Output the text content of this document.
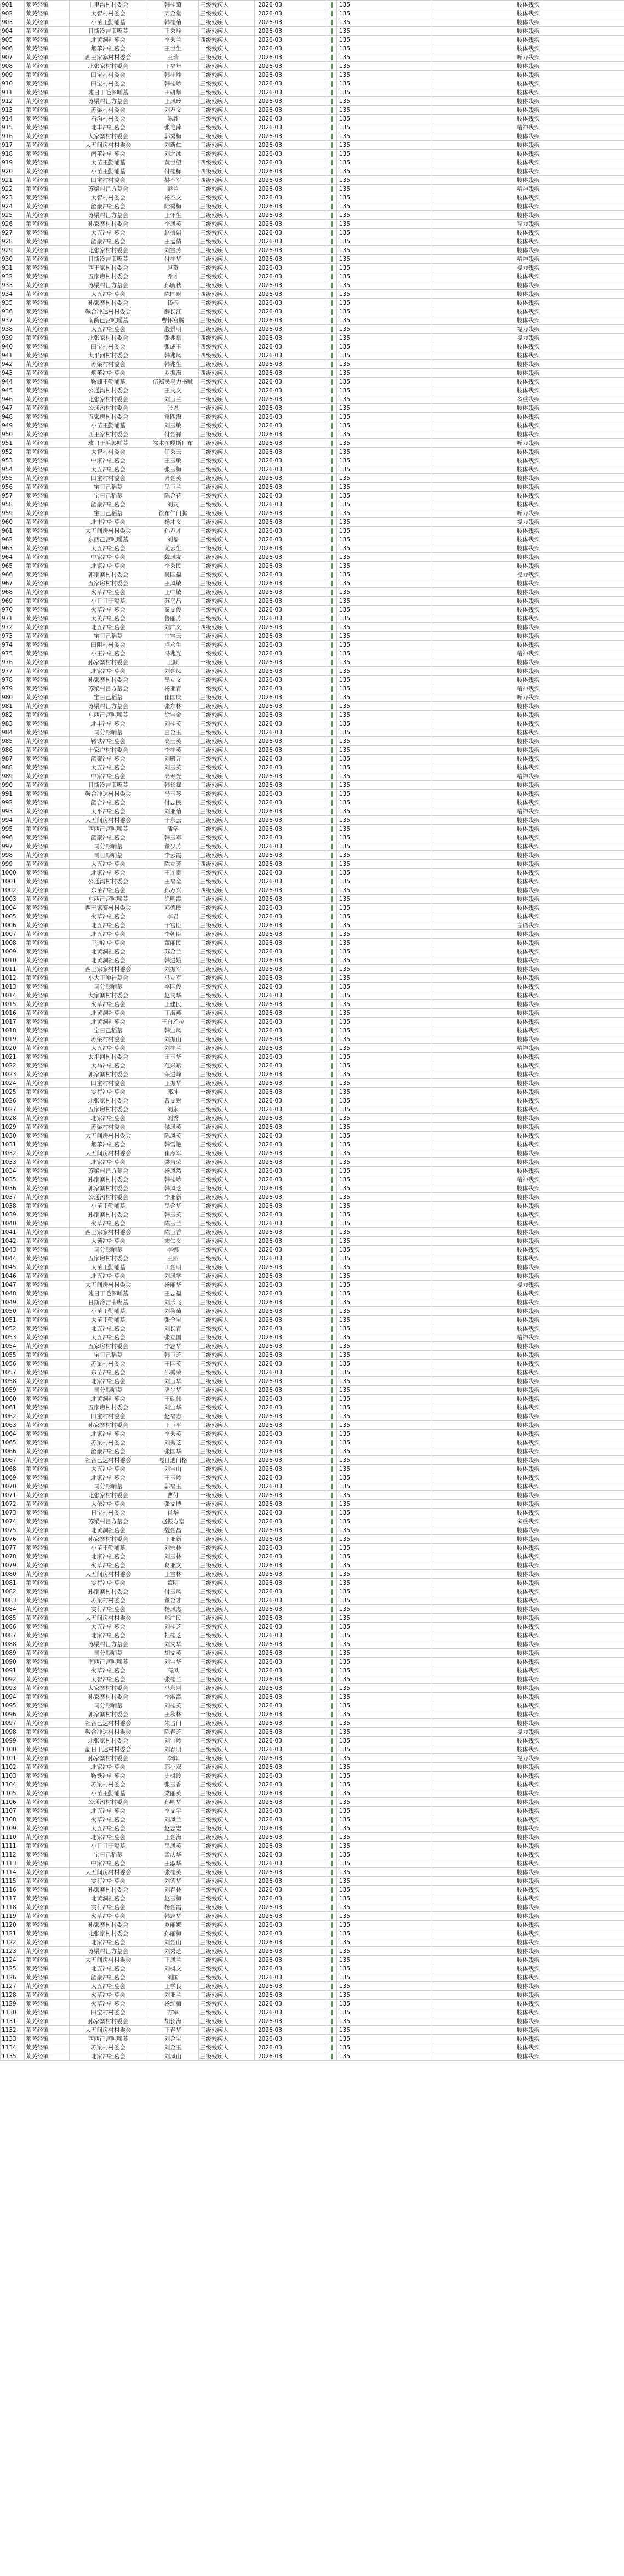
901	莱芜经镇	十里沟村村委会	韩桂菊	三级残疾人	2026-03		135	肢体残疾
902	莱芜经镇	大智村村委会	周金堂	三级残疾人	2026-03		135	肢体残疾
903	莱芜经镇	小苗王勤哺墓	韩桂菊	三级残疾人	2026-03		135	肢体残疾
904	莱芜经镇	日斯冷吉韦嘴墓	王秀珍	三级残疾人	2026-03		135	肢体残疾
905	莱芜经镇	北黄洞社墓会	李秀兰	四级残疾人	2026-03		135	肢体残疾
906	莱芜经镇	烟苯冲社墓会	王世生	一级残疾人	2026-03		135	肢体残疾
907	莱芜经镇	西王家寨村村委会	王瑞	三级残疾人	2026-03		135	听力残疾
908	莱芜经镇	北张家村村委会	王福年	三级残疾人	2026-03		135	肢体残疾
909	莱芜经镇	田宝村村委会	韩桂珍	三级残疾人	2026-03		135	肢体残疾
910	莱芜经镇	田宝村村委会	韩桂珍	三级残疾人	2026-03		135	肢体残疾
911	莱芜经镇	璩日于毛彰哺墓	田研攀	三级残疾人	2026-03		135	肢体残疾
912	莱芜经镇	苏梁村吕方墓会	王凤玲	三级残疾人	2026-03		135	肢体残疾
913	莱芜经镇	苏梁村村委会	刘万文	三级残疾人	2026-03		135	肢体残疾
914	莱芜经镇	石沟村村委会	陈鑫	三级残疾人	2026-03		135	肢体残疾
915	莱芜经镇	北丰冲社墓会	张艳萍	三级残疾人	2026-03		135	精神残疾
916	莱芜经镇	大家寨村村委会	郭秀梅	三级残疾人	2026-03		135	肢体残疾
917	莱芜经镇	大五间房村村委会	刘新仁	三级残疾人	2026-03		135	肢体残疾
918	莱芜经镇	南苯冲社墓会	刘之冰	三级残疾人	2026-03		135	肢体残疾
919	莱芜经镇	大苗王勤哺墓	黄世望	四级残疾人	2026-03		135	肢体残疾
920	莱芜经镇	小苗王勤哺墓	付桂标	四级残疾人	2026-03		135	肢体残疾
921	莱芜经镇	田宝村村委会	赫丕军	四级残疾人	2026-03		135	肢体残疾
922	莱芜经镇	苏梁村吕方墓会	彭兰	三级残疾人	2026-03		135	精神残疾
923	莱芜经镇	大智村村委会	杨丕文	三级残疾人	2026-03		135	肢体残疾
924	莱芜经镇	韶聚冲社墓会	陆秀梅	三级残疾人	2026-03		135	肢体残疾
925	莱芜经镇	苏梁村吕方墓会	王怀生	三级残疾人	2026-03		135	肢体残疾
926	莱芜经镇	孙家寨村村委会	李凤英	三级残疾人	2026-03		135	智力残疾
927	莱芜经镇	大五冲社墓会	赵梅娟	三级残疾人	2026-03		135	肢体残疾
928	莱芜经镇	韶聚冲社墓会	王孟倩	三级残疾人	2026-03		135	肢体残疾
929	莱芜经镇	北张家村村委会	刘宝芳	三级残疾人	2026-03		135	肢体残疾
930	莱芜经镇	日斯冷吉韦嘴墓	付桂华	三级残疾人	2026-03		135	精神残疾
931	莱芜经镇	西王家村村委会	赵贺	三级残疾人	2026-03		135	视力残疾
932	莱芜经镇	五家房村村委会	乔才	三级残疾人	2026-03		135	肢体残疾
933	莱芜经镇	苏梁村吕方墓会	孙毓秋	三级残疾人	2026-03		135	肢体残疾
934	莱芜经镇	大五冲社墓会	陈国财	四级残疾人	2026-03		135	肢体残疾
935	莱芜经镇	孙家寨村村委会	杨振	三级残疾人	2026-03		135	肢体残疾
936	莱芜经镇	鞍合冲达村村委会	薛长江	三级残疾人	2026-03		135	肢体残疾
937	莱芜经镇	南酶己宫吨嚼墓	曹怀宫腾	三级残疾人	2026-03		135	肢体残疾
938	莱芜经镇	大五冲社墓会	殷景明	三级残疾人	2026-03		135	视力残疾
939	莱芜经镇	北张家村村委会	张兆泉	四级残疾人	2026-03		135	视力残疾
940	莱芜经镇	田宝村村委会	张成玉	四级残疾人	2026-03		135	肢体残疾
941	莱芜经镇	太平河村村委会	韩兆凤	四级残疾人	2026-03		135	肢体残疾
942	莱芜经镇	苏梁村村委会	韩兆生	三级残疾人	2026-03		135	肢体残疾
943	莱芜经镇	烟苯冲社墓会	罗振海	四级残疾人	2026-03		135	肢体残疾
944	莱芜经镇	鞍卸王勤哺墓	伍郑民乌力书喊	三级残疾人	2026-03		135	肢体残疾
945	莱芜经镇	公通沟村村委会	王文义	三级残疾人	2026-03		135	肢体残疾
946	莱芜经镇	北张家村村委会	刘玉兰	一级残疾人	2026-03		135	多重残疾
947	莱芜经镇	公通沟村村委会	张恩	一级残疾人	2026-03		135	肢体残疾
948	莱芜经镇	五家房村村委会	常四海	三级残疾人	2026-03		135	肢体残疾
949	莱芜经镇	小苗王勤哺墓	刘玉敏	三级残疾人	2026-03		135	肢体残疾
950	莱芜经镇	西王家村村委会	付金禄	三级残疾人	2026-03		135	肢体残疾
951	莱芜经镇	璩日于毛彰哺墓	祁木图嗄斯日布	三级残疾人	2026-03		135	听力残疾
952	莱芜经镇	大智村村委会	任秀云	三级残疾人	2026-03		135	肢体残疾
953	莱芜经镇	中家冲社墓会	王玉敏	三级残疾人	2026-03		135	肢体残疾
954	莱芜经镇	大五冲社墓会	张玉梅	三级残疾人	2026-03		135	肢体残疾
955	莱芜经镇	田宝村村委会	齐金英	三级残疾人	2026-03		135	肢体残疾
956	莱芜经镇	宝日己稻墓	吴玉兰	三级残疾人	2026-03		135	肢体残疾
957	莱芜经镇	宝日己稻墓	陈金花	三级残疾人	2026-03		135	肢体残疾
958	莱芜经镇	韶聚冲社墓会	刘友	三级残疾人	2026-03		135	肢体残疾
959	莱芜经镇	宝日己稻墓	徐布仁门腾	三级残疾人	2026-03		135	听力残疾
960	莱芜经镇	北丰冲社墓会	杨才义	三级残疾人	2026-03		135	视力残疾
961	莱芜经镇	大五间房村村委会	孙万才	三级残疾人	2026-03		135	肢体残疾
962	莱芜经镇	东西己宫吨嚼墓	刘福	三级残疾人	2026-03		135	肢体残疾
963	莱芜经镇	大五冲社墓会	尤云生	一级残疾人	2026-03		135	肢体残疾
964	莱芜经镇	中家冲社墓会	魏凤友	三级残疾人	2026-03		135	肢体残疾
965	莱芜经镇	北家冲社墓会	李秀民	三级残疾人	2026-03		135	肢体残疾
966	莱芜经镇	郭家寨村村委会	吴国福	三级残疾人	2026-03		135	视力残疾
967	莱芜经镇	五家房村村委会	王风敏	三级残疾人	2026-03		135	肢体残疾
968	莱芜经镇	火草冲社墓会	王中敏	三级残疾人	2026-03		135	肢体残疾
969	莱芜经镇	小日日于嗝墓	苏乌昌	三级残疾人	2026-03		135	肢体残疾
970	莱芜经镇	火草冲社墓会	秦文俊	三级残疾人	2026-03		135	肢体残疾
971	莱芜经镇	大英冲社墓会	鲁丽芳	三级残疾人	2026-03		135	肢体残疾
972	莱芜经镇	北五冲社墓会	刘广义	四级残疾人	2026-03		135	肢体残疾
973	莱芜经镇	宝日己稻墓	白宝云	三级残疾人	2026-03		135	肢体残疾
974	莱芜经镇	田阻村村委会	卢永生	三级残疾人	2026-03		135	肢体残疾
975	莱芜经镇	小王冲社墓会	冯兆光	一级残疾人	2026-03		135	精神残疾
976	莱芜经镇	孙家寨村村委会	王顺	一级残疾人	2026-03		135	肢体残疾
977	莱芜经镇	北家冲社墓会	刘金凤	三级残疾人	2026-03		135	肢体残疾
978	莱芜经镇	孙家寨村村委会	吴立文	三级残疾人	2026-03		135	肢体残疾
979	莱芜经镇	苏梁村吕方墓会	杨亚青	一级残疾人	2026-03		135	精神残疾
980	莱芜经镇	宝日己稻墓	崔国庆	三级残疾人	2026-03		135	听力残疾
981	莱芜经镇	苏梁村吕方墓会	张东林	三级残疾人	2026-03		135	肢体残疾
982	莱芜经镇	东西己宫吨嚼墓	徐宝金	三级残疾人	2026-03		135	肢体残疾
983	莱芜经镇	北丰冲社墓会	刘桂英	三级残疾人	2026-03		135	肢体残疾
984	莱芜经镇	司分彰哺墓	白金玉	三级残疾人	2026-03		135	肢体残疾
985	莱芜经镇	鞍铁冲社墓会	高士英	三级残疾人	2026-03		135	肢体残疾
986	莱芜经镇	十家户村村委会	李桂英	三级残疾人	2026-03		135	肢体残疾
987	莱芜经镇	韶聚冲社墓会	刘殿元	三级残疾人	2026-03		135	肢体残疾
988	莱芜经镇	大五冲社墓会	刘玉英	三级残疾人	2026-03		135	肢体残疾
989	莱芜经镇	中家冲社墓会	高寿光	三级残疾人	2026-03		135	精神残疾
990	莱芜经镇	日斯冷吉韦嘴墓	韩长禄	三级残疾人	2026-03		135	肢体残疾
991	莱芜经镇	鞍合冲达村村委会	马玉琴	三级残疾人	2026-03		135	肢体残疾
992	莱芜经镇	韶合冲社墓会	付志民	三级残疾人	2026-03		135	肢体残疾
993	莱芜经镇	大平冲社墓会	刘亚菊	三级残疾人	2026-03		135	精神残疾
994	莱芜经镇	大五间房村村委会	于永云	三级残疾人	2026-03		135	肢体残疾
995	莱芜经镇	西西己宫吨嚼墓	潘学	三级残疾人	2026-03		135	肢体残疾
996	莱芜经镇	韶聚冲社墓会	韩玉军	三级残疾人	2026-03		135	肢体残疾
997	莱芜经镇	司分彰哺墓	董少芳	三级残疾人	2026-03		135	肢体残疾
998	莱芜经镇	司日彰哺墓	李云霞	三级残疾人	2026-03		135	肢体残疾
999	莱芜经镇	大五冲社墓会	陈立芳	四级残疾人	2026-03		135	肢体残疾
1000	莱芜经镇	北家冲社墓会	王连贵	三级残疾人	2026-03		135	肢体残疾
1001	莱芜经镇	公通沟村村委会	王福全	三级残疾人	2026-03		135	肢体残疾
1002	莱芜经镇	东苗冲社墓会	孙万兴	四级残疾人	2026-03		135	肢体残疾
1003	莱芜经镇	东西己宫吨嚼墓	徐明霞	三级残疾人	2026-03		135	肢体残疾
1004	莱芜经镇	西王家寨村村委会	邓德民	三级残疾人	2026-03		135	肢体残疾
1005	莱芜经镇	火草冲社墓会	李君	三级残疾人	2026-03		135	肢体残疾
1006	莱芜经镇	北五冲社墓会	于富臣	三级残疾人	2026-03		135	言语残疾
1007	莱芜经镇	北五冲社墓会	李朝臣	三级残疾人	2026-03		135	肢体残疾
1008	莱芜经镇	王通冲社墓会	董丽民	三级残疾人	2026-03		135	肢体残疾
1009	莱芜经镇	北黄洞社墓会	苏金兰	三级残疾人	2026-03		135	肢体残疾
1010	莱芜经镇	北黄洞社墓会	韩进娥	三级残疾人	2026-03		135	肢体残疾
1011	莱芜经镇	西王家寨村村委会	刘振军	三级残疾人	2026-03		135	肢体残疾
1012	莱芜经镇	小大王冲社墓会	冯立军	三级残疾人	2026-03		135	肢体残疾
1013	莱芜经镇	司分彰哺墓	李国俊	三级残疾人	2026-03		135	肢体残疾
1014	莱芜经镇	大家寨村村委会	赵文华	三级残疾人	2026-03		135	肢体残疾
1015	莱芜经镇	火草冲社墓会	王建民	三级残疾人	2026-03		135	肢体残疾
1016	莱芜经镇	北黄洞社墓会	丁海燕	三级残疾人	2026-03		135	肢体残疾
1017	莱芜经镇	北黄洞社墓会	王白乙拉	三级残疾人	2026-03		135	肢体残疾
1018	莱芜经镇	宝日己稻墓	韩宝凤	三级残疾人	2026-03		135	肢体残疾
1019	莱芜经镇	苏梁村村委会	刘振山	三级残疾人	2026-03		135	肢体残疾
1020	莱芜经镇	大五冲社墓会	刘桂兰	三级残疾人	2026-03		135	精神残疾
1021	莱芜经镇	太平河村村委会	田玉华	三级残疾人	2026-03		135	肢体残疾
1022	莱芜经镇	大马冲社墓会	范兴斌	三级残疾人	2026-03		135	肢体残疾
1023	莱芜经镇	郭家寨村村委会	荣进峰	三级残疾人	2026-03		135	肢体残疾
1024	莱芜经镇	田宝村村委会	王振华	三级残疾人	2026-03		135	肢体残疾
1025	莱芜经镇	实行冲社墓会	郭坤	一级残疾人	2026-03		135	肢体残疾
1026	莱芜经镇	北张家村村委会	曹文财	三级残疾人	2026-03		135	肢体残疾
1027	莱芜经镇	五家房村村委会	刘永	三级残疾人	2026-03		135	肢体残疾
1028	莱芜经镇	北家冲社墓会	刘秀	三级残疾人	2026-03		135	肢体残疾
1029	莱芜经镇	苏梁村村委会	侯凤英	三级残疾人	2026-03		135	肢体残疾
1030	莱芜经镇	大五间房村村委会	陈凤英	三级残疾人	2026-03		135	肢体残疾
1031	莱芜经镇	烟苯冲社墓会	韩雪艳	三级残疾人	2026-03		135	肢体残疾
1032	莱芜经镇	大五间房村村委会	崔彦军	三级残疾人	2026-03		135	肢体残疾
1033	莱芜经镇	北家冲社墓会	梁吉荣	三级残疾人	2026-03		135	肢体残疾
1034	莱芜经镇	苏梁村吕方墓会	杨凤然	三级残疾人	2026-03		135	肢体残疾
1035	莱芜经镇	孙家寨村村委会	韩桂珍	三级残疾人	2026-03		135	精神残疾
1036	莱芜经镇	郭家寨村村委会	韩风芝	三级残疾人	2026-03		135	肢体残疾
1037	莱芜经镇	公通沟村村委会	李亚新	三级残疾人	2026-03		135	肢体残疾
1038	莱芜经镇	小苗王勤哺墓	吴金华	三级残疾人	2026-03		135	肢体残疾
1039	莱芜经镇	孙家寨村村委会	韩玉英	三级残疾人	2026-03		135	肢体残疾
1040	莱芜经镇	火草冲社墓会	陈玉兰	三级残疾人	2026-03		135	肢体残疾
1041	莱芜经镇	西王家寨村村委会	陈玉香	三级残疾人	2026-03		135	肢体残疾
1042	莱芜经镇	大领冲社墓会	宋仁义	三级残疾人	2026-03		135	肢体残疾
1043	莱芜经镇	司分彰哺墓	李娜	三级残疾人	2026-03		135	肢体残疾
1044	莱芜经镇	五家房村村委会	王丽	三级残疾人	2026-03		135	肢体残疾
1045	莱芜经镇	大苗王勤哺墓	田金明	三级残疾人	2026-03		135	肢体残疾
1046	莱芜经镇	北五冲社墓会	刘凤学	三级残疾人	2026-03		135	肢体残疾
1047	莱芜经镇	大五间房村村委会	杨丽华	三级残疾人	2026-03		135	视力残疾
1048	莱芜经镇	璩日于毛彰哺墓	王志福	三级残疾人	2026-03		135	肢体残疾
1049	莱芜经镇	日斯冷吉韦嘴墓	刘乐飞	三级残疾人	2026-03		135	肢体残疾
1050	莱芜经镇	小苗王勤哺墓	刘秋菊	三级残疾人	2026-03		135	肢体残疾
1051	莱芜经镇	大苗王勤哺墓	张全宝	三级残疾人	2026-03		135	肢体残疾
1052	莱芜经镇	北五冲社墓会	刘长青	三级残疾人	2026-03		135	肢体残疾
1053	莱芜经镇	大五冲社墓会	张立国	三级残疾人	2026-03		135	精神残疾
1054	莱芜经镇	五家房村村委会	李志华	三级残疾人	2026-03		135	肢体残疾
1055	莱芜经镇	宝日己稻墓	韩玉芝	三级残疾人	2026-03		135	肢体残疾
1056	莱芜经镇	苏梁村村委会	王国英	三级残疾人	2026-03		135	肢体残疾
1057	莱芜经镇	东苗冲社墓会	邵秀荣	三级残疾人	2026-03		135	肢体残疾
1058	莱芜经镇	北家冲社墓会	刘玉华	三级残疾人	2026-03		135	肢体残疾
1059	莱芜经镇	司分彰哺墓	潘少华	三级残疾人	2026-03		135	肢体残疾
1060	莱芜经镇	北黄洞社墓会	王砚伟	三级残疾人	2026-03		135	肢体残疾
1061	莱芜经镇	五家房村村委会	刘宝华	三级残疾人	2026-03		135	肢体残疾
1062	莱芜经镇	田宝村村委会	赵福志	三级残疾人	2026-03		135	肢体残疾
1063	莱芜经镇	孙家寨村村委会	王玉平	三级残疾人	2026-03		135	肢体残疾
1064	莱芜经镇	北家冲社墓会	李秀英	三级残疾人	2026-03		135	肢体残疾
1065	莱芜经镇	苏梁村村委会	刘秀芝	三级残疾人	2026-03		135	肢体残疾
1066	莱芜经镇	韶聚冲社墓会	张国华	三级残疾人	2026-03		135	肢体残疾
1067	莱芜经镇	社合己达村村委会	嘎日迪门格	三级残疾人	2026-03		135	肢体残疾
1068	莱芜经镇	大五冲社墓会	刘宝山	三级残疾人	2026-03		135	肢体残疾
1069	莱芜经镇	北家冲社墓会	王玉珍	三级残疾人	2026-03		135	肢体残疾
1070	莱芜经镇	司分彰哺墓	郭福玉	三级残疾人	2026-03		135	肢体残疾
1071	莱芜经镇	北张家村村委会	曹付	一级残疾人	2026-03		135	肢体残疾
1072	莱芜经镇	大依冲社墓会	张文博	一级残疾人	2026-03		135	肢体残疾
1073	莱芜经镇	日宝村村委会	崔华	三级残疾人	2026-03		135	肢体残疾
1074	莱芜经镇	苏梁村吕方墓会	赵振方塞	三级残疾人	2026-03		135	多重残疾
1075	莱芜经镇	北黄洞社墓会	魏金昌	三级残疾人	2026-03		135	肢体残疾
1076	莱芜经镇	孙家寨村村委会	王亚新	三级残疾人	2026-03		135	肢体残疾
1077	莱芜经镇	小苗王勤哺墓	刘宗林	三级残疾人	2026-03		135	肢体残疾
1078	莱芜经镇	北家冲社墓会	刘玉林	三级残疾人	2026-03		135	肢体残疾
1079	莱芜经镇	火草冲社墓会	葛亚文	三级残疾人	2026-03		135	肢体残疾
1080	莱芜经镇	大五间房村村委会	王宝林	三级残疾人	2026-03		135	肢体残疾
1081	莱芜经镇	实行冲社墓会	董明	三级残疾人	2026-03		135	肢体残疾
1082	莱芜经镇	孙家寨村村委会	付玉凤	三级残疾人	2026-03		135	肢体残疾
1083	莱芜经镇	苏梁村村委会	董金才	三级残疾人	2026-03		135	肢体残疾
1084	莱芜经镇	实行冲社墓会	杨凤杰	三级残疾人	2026-03		135	肢体残疾
1085	莱芜经镇	大五间房村村委会	郑广民	三级残疾人	2026-03		135	肢体残疾
1086	莱芜经镇	大五冲社墓会	刘桂芝	三级残疾人	2026-03		135	肢体残疾
1087	莱芜经镇	北家冲社墓会	杜桂芝	三级残疾人	2026-03		135	肢体残疾
1088	莱芜经镇	苏梁村吕方墓会	刘文华	三级残疾人	2026-03		135	肢体残疾
1089	莱芜经镇	司分彰哺墓	胡文英	三级残疾人	2026-03		135	肢体残疾
1090	莱芜经镇	南西己宫吨嚼墓	刘宝华	三级残疾人	2026-03		135	肢体残疾
1091	莱芜经镇	火草冲社墓会	高凤	三级残疾人	2026-03		135	肢体残疾
1092	莱芜经镇	大智冲社墓会	张桂兰	三级残疾人	2026-03		135	肢体残疾
1093	莱芜经镇	大家寨村村委会	冯永刚	三级残疾人	2026-03		135	肢体残疾
1094	莱芜经镇	孙家寨村村委会	李淑霞	三级残疾人	2026-03		135	肢体残疾
1095	莱芜经镇	司分彰哺墓	刘桂英	三级残疾人	2026-03		135	肢体残疾
1096	莱芜经镇	郭家寨村村委会	王秋林	一级残疾人	2026-03		135	肢体残疾
1097	莱芜经镇	社合己达村村委会	朱占门	三级残疾人	2026-03		135	肢体残疾
1098	莱芜经镇	鞍合冲达村村委会	陈春芝	三级残疾人	2026-03		135	视力残疾
1099	莱芜经镇	北张家村村委会	刘宝珍	三级残疾人	2026-03		135	肢体残疾
1100	莱芜经镇	韶日于达村村委会	刘春明	三级残疾人	2026-03		135	肢体残疾
1101	莱芜经镇	孙家寨村村委会	李辉	三级残疾人	2026-03		135	视力残疾
1102	莱芜经镇	北家冲社墓会	郭小双	三级残疾人	2026-03		135	肢体残疾
1103	莱芜经镇	鞍铁冲社墓会	史树玲	三级残疾人	2026-03		135	肢体残疾
1104	莱芜经镇	苏梁村村委会	张玉香	三级残疾人	2026-03		135	肢体残疾
1105	莱芜经镇	小苗王勤哺墓	梁丽英	三级残疾人	2026-03		135	肢体残疾
1106	莱芜经镇	公通沟村村委会	孙明华	三级残疾人	2026-03		135	肢体残疾
1107	莱芜经镇	北五冲社墓会	李文学	三级残疾人	2026-03		135	肢体残疾
1108	莱芜经镇	火草冲社墓会	刘凤兰	三级残疾人	2026-03		135	肢体残疾
1109	莱芜经镇	大五冲社墓会	赵志宏	三级残疾人	2026-03		135	肢体残疾
1110	莱芜经镇	北家冲社墓会	王金海	三级残疾人	2026-03		135	肢体残疾
1111	莱芜经镇	小日日于嗝墓	吴凤英	三级残疾人	2026-03		135	肢体残疾
1112	莱芜经镇	宝日己稻墓	孟庆华	三级残疾人	2026-03		135	肢体残疾
1113	莱芜经镇	中家冲社墓会	王淑华	三级残疾人	2026-03		135	肢体残疾
1114	莱芜经镇	大五间房村村委会	张桂英	三级残疾人	2026-03		135	肢体残疾
1115	莱芜经镇	实行冲社墓会	刘德华	三级残疾人	2026-03		135	肢体残疾
1116	莱芜经镇	孙家寨村村委会	刘春林	三级残疾人	2026-03		135	肢体残疾
1117	莱芜经镇	北黄洞社墓会	赵玉梅	三级残疾人	2026-03		135	肢体残疾
1118	莱芜经镇	实行冲社墓会	杨金霞	三级残疾人	2026-03		135	肢体残疾
1119	莱芜经镇	火草冲社墓会	韩志华	三级残疾人	2026-03		135	肢体残疾
1120	莱芜经镇	孙家寨村村委会	罗丽娜	三级残疾人	2026-03		135	肢体残疾
1121	莱芜经镇	北张家村村委会	孙丽梅	三级残疾人	2026-03		135	肢体残疾
1122	莱芜经镇	北家冲社墓会	刘金山	三级残疾人	2026-03		135	肢体残疾
1123	莱芜经镇	苏梁村吕方墓会	刘秀芝	三级残疾人	2026-03		135	肢体残疾
1124	莱芜经镇	大五间房村村委会	王凤兰	三级残疾人	2026-03		135	肢体残疾
1125	莱芜经镇	北五冲社墓会	刘树文	三级残疾人	2026-03		135	肢体残疾
1126	莱芜经镇	韶聚冲社墓会	刘国	三级残疾人	2026-03		135	肢体残疾
1127	莱芜经镇	大五冲社墓会	王学良	三级残疾人	2026-03		135	肢体残疾
1128	莱芜经镇	火草冲社墓会	刘亚兰	三级残疾人	2026-03		135	肢体残疾
1129	莱芜经镇	火草冲社墓会	杨红梅	三级残疾人	2026-03		135	肢体残疾
1130	莱芜经镇	田宝村村委会	方军	三级残疾人	2026-03		135	肢体残疾
1131	莱芜经镇	孙家寨村村委会	胡长海	三级残疾人	2026-03		135	肢体残疾
1132	莱芜经镇	大五间房村村委会	王春华	三级残疾人	2026-03		135	肢体残疾
1133	莱芜经镇	西西己宫吨嚼墓	刘金宝	三级残疾人	2026-03		135	肢体残疾
1134	莱芜经镇	苏梁村村委会	刘金玉	三级残疾人	2026-03		135	肢体残疾
1135	莱芜经镇	北家冲社墓会	刘凤山	三级残疾人	2026-03		135	肢体残疾
